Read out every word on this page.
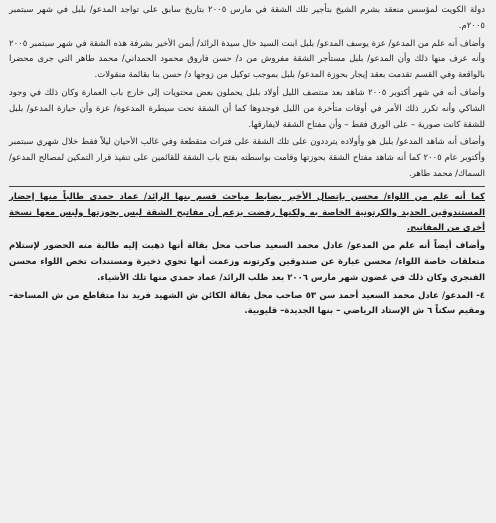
دولة الكويت لمؤسس منعقد بشرم الشيخ بتأجير تلك الشقة في مارس ٢٠٠٥ بتاريخ سابق على تواجد المدعو/ بلبل في شهر سبتمبر ٢٠٠٥م.

وأضاف أنه علم من المدعو/ عزة يوسف المدعو/ بلبل ابنت السيد خال سيدة الرائد/ أيمن الأخير بشرفة هذه الشقة في شهر سبتمبر ٢٠٠٥ وأنه عرف منها ذلك وأن المدعو/ بلبل مستأجر الشقة مفروش من د/ حسن فاروق محمود الحمداني/ محمد طاهر التي جرى محضرا بالواقعة وفي القسم تقدمت بعقد إيجار بحوزة المدعو/ بلبل بموجب توكيل من زوجها د/ حسن بنا بقائمة منقولات.

وأضاف أنه في شهر أكتوبر ٢٠٠٥ شاهد بعد منتصف الليل أولاد بلبل يحملون بعض محتويات إلى خارج باب العمارة وكان ذلك في وجود الشاكي وأنه تكرر ذلك الأمر في أوقات متأخرة من الليل فوجدوها كما أن الشقة تحت سيطرة المدعوة/ عزة وأن حيازة المدعو/ بلبل للشقة كانت صورية – على الورق فقط – وأن مفتاح الشقة لايفارقها.

وأضاف أنه شاهد المدعو/ بلبل هو وأولاده يترددون على تلك الشقة على فترات متقطعة وفي غالب الأحيان ليلاً فقط خلال شهري سبتمبر وأكتوبر عام ٢٠٠٥ كما أنه شاهد مفتاح الشقة بحوزتها وقامت بواسطته بفتح باب الشقة للقائمين على تنفيذ قرار التمكين لمصالح المدعو/ السماك/ محمد طاهر.

كما أنه علم من اللواء/ محسن بإتصال الأخير بضابط مباحث قسم بنها الرائد/ عماد حمدي طالباً منها إحضار المستندوقين الحديد والكرتونية الخاصة به ولكنها رفضت بزعم أن مفاتيح الشقة ليس بحوزتها ولبس معها نسخة أخرى من المفاتيح.

وأضاف أيضاً أنه علم من المدعو/ عادل محمد السعيد صاحب محل بقالة أنها ذهبت إليه طالبة منه الحضور لإستلام متعلقات خاصة اللواء/ محسن عبارة عن صندوقين وكرتونه وزعمت أنها تحوي ذخيرة ومستندات تخص اللواء محسن الفنجري وكان ذلك في غضون شهر مارس ٢٠٠٦ بعد طلب الرائد/ عماد حمدي منها تلك الأشياء.

٤- المدعو/ عادل محمد السعيد أحمد سن ٥٣ صاحب محل بقالة الكائن ش الشهيد فريد ندا متقاطع من ش المساحة– ومقيم سكناً ٦ ش الإستاد الرياضي – بنها الجديدة– قليوبية.
